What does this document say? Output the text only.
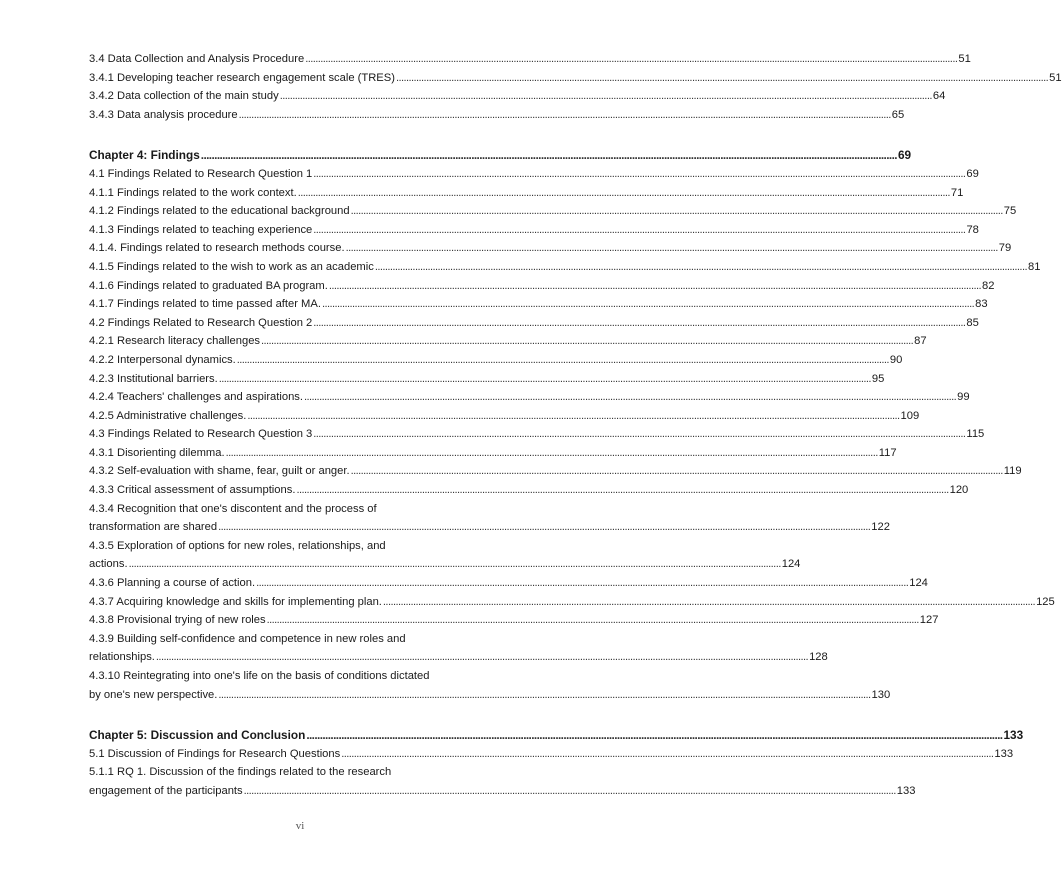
3.4 Data Collection and Analysis Procedure .................................................................................................................................................................................................................................................................... 51
3.4.1 Developing teacher research engagement scale (TRES) .................................................................................................................................................................................................................................................................... 51
3.4.2 Data collection of the main study .................................................................................................................................................................................................................................................................... 64
3.4.3 Data analysis procedure .................................................................................................................................................................................................................................................................... 65
Chapter 4: Findings .................................................................................................................................................................................................................................................................... 69
4.1 Findings Related to Research Question 1 .................................................................................................................................................................................................................................................................... 69
4.1.1 Findings related to the work context. .................................................................................................................................................................................................................................................................... 71
4.1.2 Findings related to the educational background .................................................................................................................................................................................................................................................................... 75
4.1.3 Findings related to teaching experience .................................................................................................................................................................................................................................................................... 78
4.1.4. Findings related to research methods course. .................................................................................................................................................................................................................................................................... 79
4.1.5 Findings related to the wish to work as an academic .................................................................................................................................................................................................................................................................... 81
4.1.6 Findings related to graduated BA program. .................................................................................................................................................................................................................................................................... 82
4.1.7 Findings related to time passed after MA. .................................................................................................................................................................................................................................................................... 83
4.2 Findings Related to Research Question 2 .................................................................................................................................................................................................................................................................... 85
4.2.1 Research literacy challenges .................................................................................................................................................................................................................................................................... 87
4.2.2 Interpersonal dynamics. .................................................................................................................................................................................................................................................................... 90
4.2.3 Institutional barriers. .................................................................................................................................................................................................................................................................... 95
4.2.4 Teachers' challenges and aspirations. .................................................................................................................................................................................................................................................................... 99
4.2.5 Administrative challenges. .................................................................................................................................................................................................................................................................... 109
4.3 Findings Related to Research Question 3 .................................................................................................................................................................................................................................................................... 115
4.3.1 Disorienting dilemma. .................................................................................................................................................................................................................................................................... 117
4.3.2 Self-evaluation with shame, fear, guilt or anger. .................................................................................................................................................................................................................................................................... 119
4.3.3 Critical assessment of assumptions. .................................................................................................................................................................................................................................................................... 120
4.3.4 Recognition that one's discontent and the process of
transformation are shared .................................................................................................................................................................................................................................................................... 122
4.3.5 Exploration of options for new roles, relationships, and
actions. .................................................................................................................................................................................................................................................................... 124
4.3.6 Planning a course of action. .................................................................................................................................................................................................................................................................... 124
4.3.7 Acquiring knowledge and skills for implementing plan. .................................................................................................................................................................................................................................................................... 125
4.3.8 Provisional trying of new roles .................................................................................................................................................................................................................................................................... 127
4.3.9 Building self-confidence and competence in new roles and
relationships. .................................................................................................................................................................................................................................................................... 128
4.3.10 Reintegrating into one's life on the basis of conditions dictated
by one's new perspective. .................................................................................................................................................................................................................................................................... 130
Chapter 5: Discussion and Conclusion .................................................................................................................................................................................................................................................................... 133
5.1 Discussion of Findings for Research Questions .................................................................................................................................................................................................................................................................... 133
5.1.1 RQ 1. Discussion of the findings related to the research
engagement of the participants .................................................................................................................................................................................................................................................................... 133
vi
